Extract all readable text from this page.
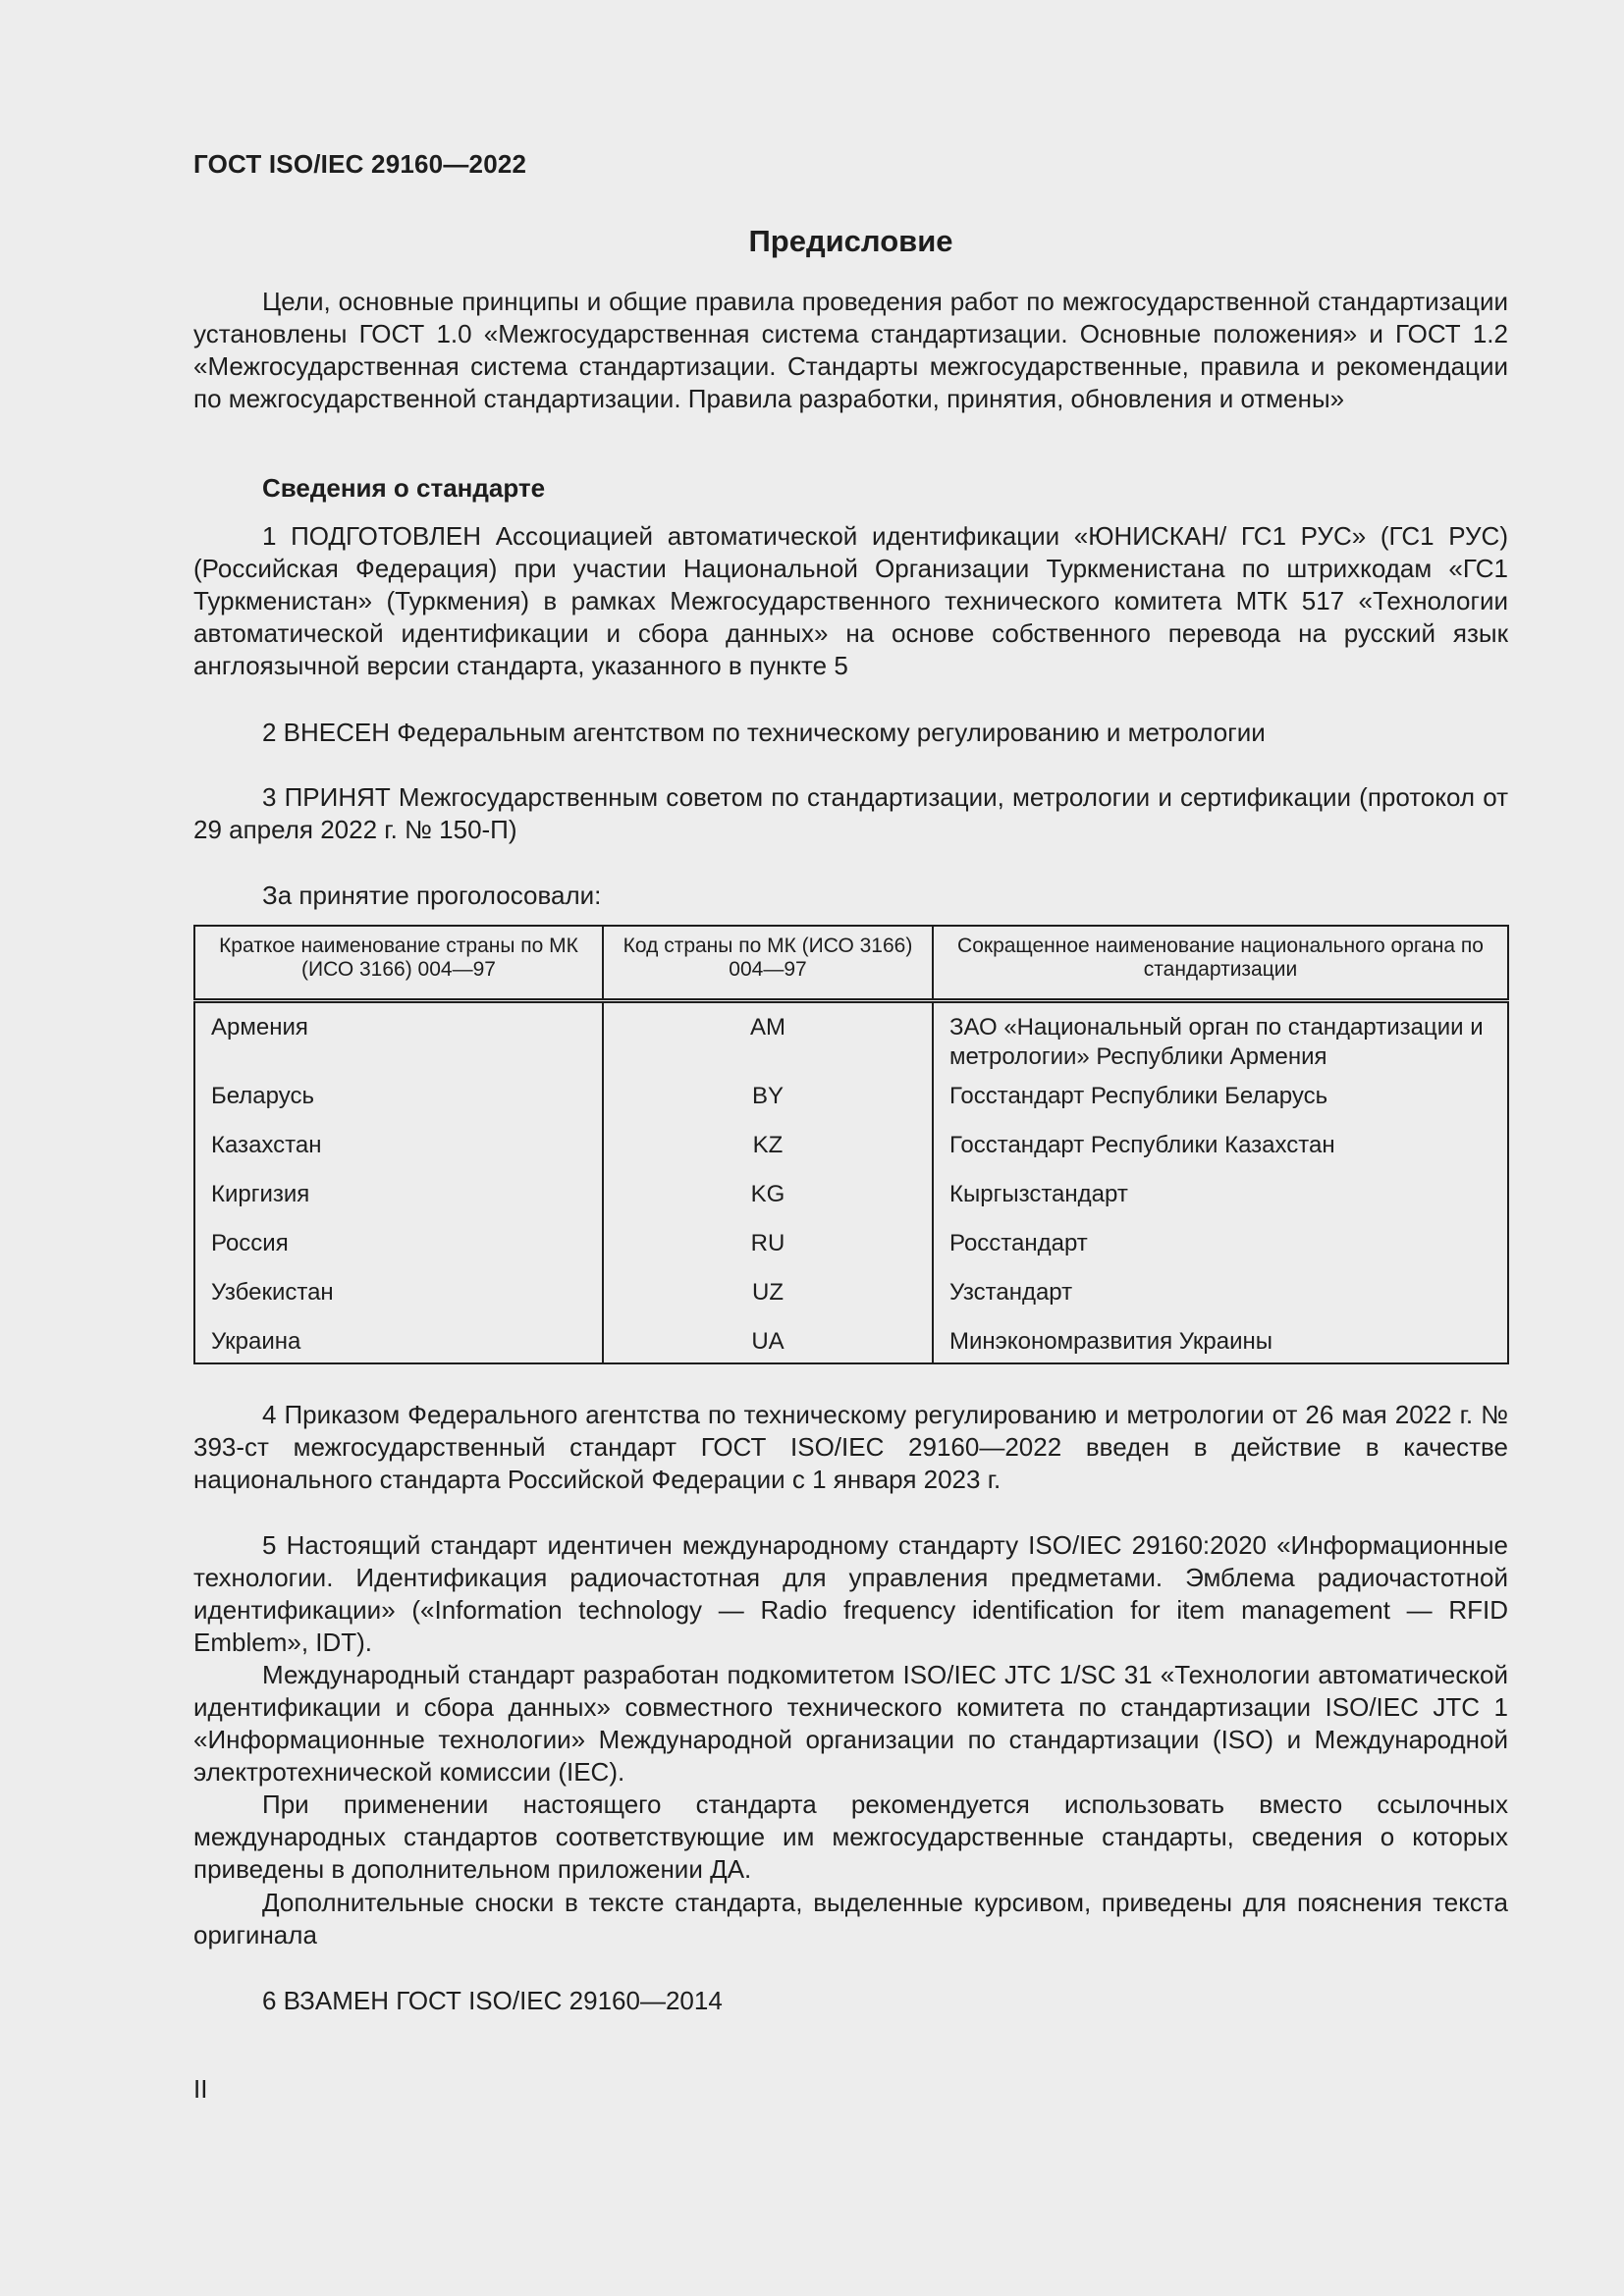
ГОСТ ISO/IEC 29160—2022
Предисловие

Цели, основные принципы и общие правила проведения работ по межгосударственной стандартизации установлены ГОСТ 1.0 «Межгосударственная система стандартизации. Основные положения» и ГОСТ 1.2 «Межгосударственная система стандартизации. Стандарты межгосударственные, правила и рекомендации по межгосударственной стандартизации. Правила разработки, принятия, обновления и отмены»

Сведения о стандарте

1 ПОДГОТОВЛЕН Ассоциацией автоматической идентификации «ЮНИСКАН/ ГС1 РУС» (ГС1 РУС) (Российская Федерация) при участии Национальной Организации Туркменистана по штрихкодам «ГС1 Туркменистан» (Туркмения) в рамках Межгосударственного технического комитета МТК 517 «Технологии автоматической идентификации и сбора данных» на основе собственного перевода на русский язык англоязычной версии стандарта, указанного в пункте 5

2 ВНЕСЕН Федеральным агентством по техническому регулированию и метрологии

3 ПРИНЯТ Межгосударственным советом по стандартизации, метрологии и сертификации (протокол от 29 апреля 2022 г. № 150-П)

За принятие проголосовали:

Краткое наименование страны по МК (ИСО 3166) 004—97	Код страны по МК (ИСО 3166) 004—97	Сокращенное наименование национального органа по стандартизации
Армения	AM	ЗАО «Национальный орган по стандартизации и метрологии» Республики Армения
Беларусь	BY	Госстандарт Республики Беларусь
Казахстан	KZ	Госстандарт Республики Казахстан
Киргизия	KG	Кыргызстандарт
Россия	RU	Росстандарт
Узбекистан	UZ	Узстандарт
Украина	UA	Минэкономразвития Украины

4 Приказом Федерального агентства по техническому регулированию и метрологии от 26 мая 2022 г. № 393-ст межгосударственный стандарт ГОСТ ISO/IEC 29160—2022 введен в действие в качестве национального стандарта Российской Федерации с 1 января 2023 г.

5 Настоящий стандарт идентичен международному стандарту ISO/IEC 29160:2020 «Информационные технологии. Идентификация радиочастотная для управления предметами. Эмблема радиочастотной идентификации» («Information technology — Radio frequency identification for item management — RFID Emblem», IDT).

Международный стандарт разработан подкомитетом ISO/IEC JTC 1/SC 31 «Технологии автоматической идентификации и сбора данных» совместного технического комитета по стандартизации ISO/IEC JTC 1 «Информационные технологии» Международной организации по стандартизации (ISO) и Международной электротехнической комиссии (IEC).

При применении настоящего стандарта рекомендуется использовать вместо ссылочных международных стандартов соответствующие им межгосударственные стандарты, сведения о которых приведены в дополнительном приложении ДА.

Дополнительные сноски в тексте стандарта, выделенные курсивом, приведены для пояснения текста оригинала

6 ВЗАМЕН ГОСТ ISO/IEC 29160—2014

II
